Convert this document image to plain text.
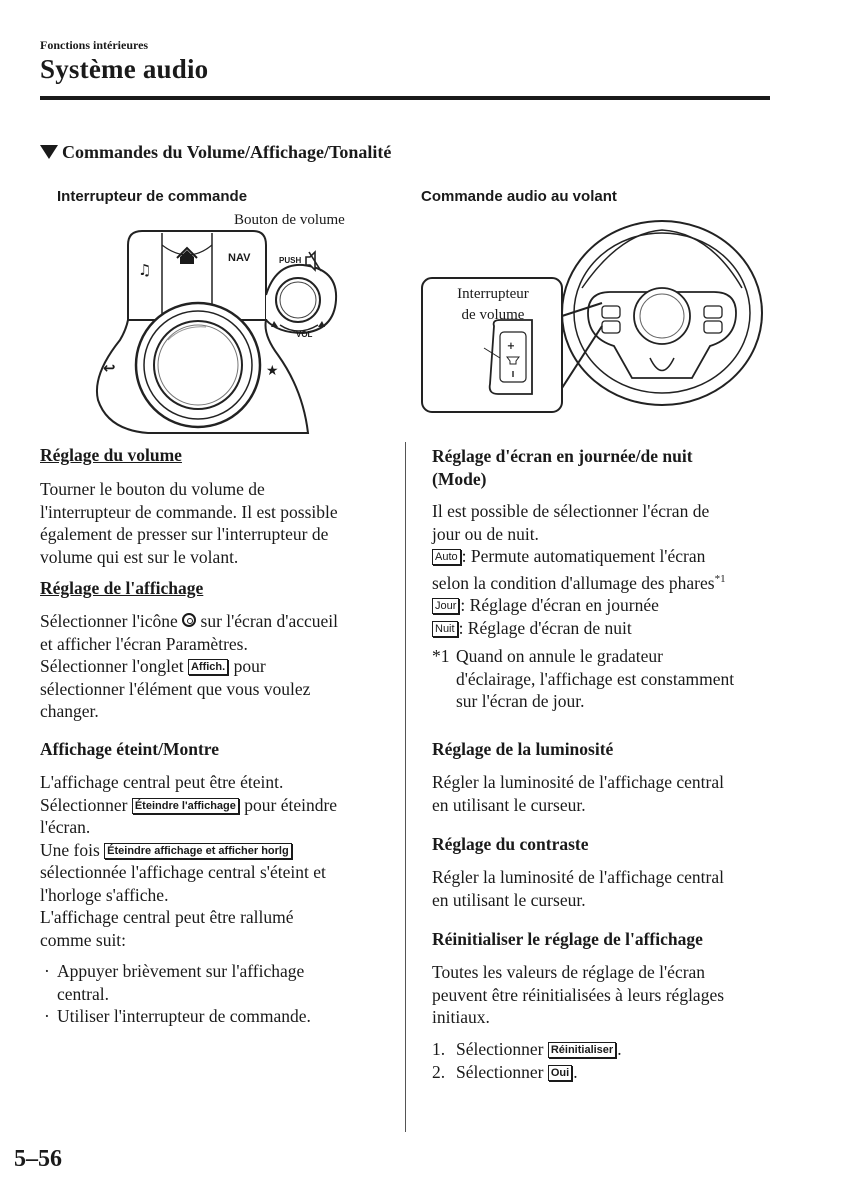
Fonctions intérieures
Système audio
Commandes du Volume/Affichage/Tonalité
Interrupteur de commande
Bouton de volume
♫
↩	★
NAV	PUSH
VOL
Commande audio au volant
+
Interrupteur
de volume
Réglage du volume
Tourner le bouton du volume de
l'interrupteur de commande. Il est possible
également de presser sur l'interrupteur de
volume qui est sur le volant.
Réglage de l'affichage
Sélectionner l'icône sur l'écran d'accueil
et afficher l'écran Paramètres.
Sélectionner l'onglet Affich. pour
sélectionner l'élément que vous voulez
changer.
Affichage éteint/Montre
L'affichage central peut être éteint.
Sélectionner Éteindre l'affichage pour éteindre
l'écran.
Une fois Éteindre affichage et afficher horlg
sélectionnée l'affichage central s'éteint et
l'horloge s'affiche.
L'affichage central peut être rallumé
comme suit:
· Appuyer brièvement sur l'affichage
central.
· Utiliser l'interrupteur de commande.
Réglage d'écran en journée/de nuit
(Mode)
Il est possible de sélectionner l'écran de
jour ou de nuit.
Auto : Permute automatiquement l'écran
selon la condition d'allumage des phares$^{*1}$
Jour : Réglage d'écran en journée
Nuit : Réglage d'écran de nuit
*1 Quand on annule le gradateur
d'éclairage, l'affichage est constamment
sur l'écran de jour.
Réglage de la luminosité
Régler la luminosité de l'affichage central
en utilisant le curseur.
Réglage du contraste
Régler la luminosité de l'affichage central
en utilisant le curseur.
Réinitialiser le réglage de l'affichage
Toutes les valeurs de réglage de l'écran
peuvent être réinitialisées à leurs réglages
initiaux.
1. Sélectionner Réinitialiser .
2. Sélectionner Oui .
5–56
